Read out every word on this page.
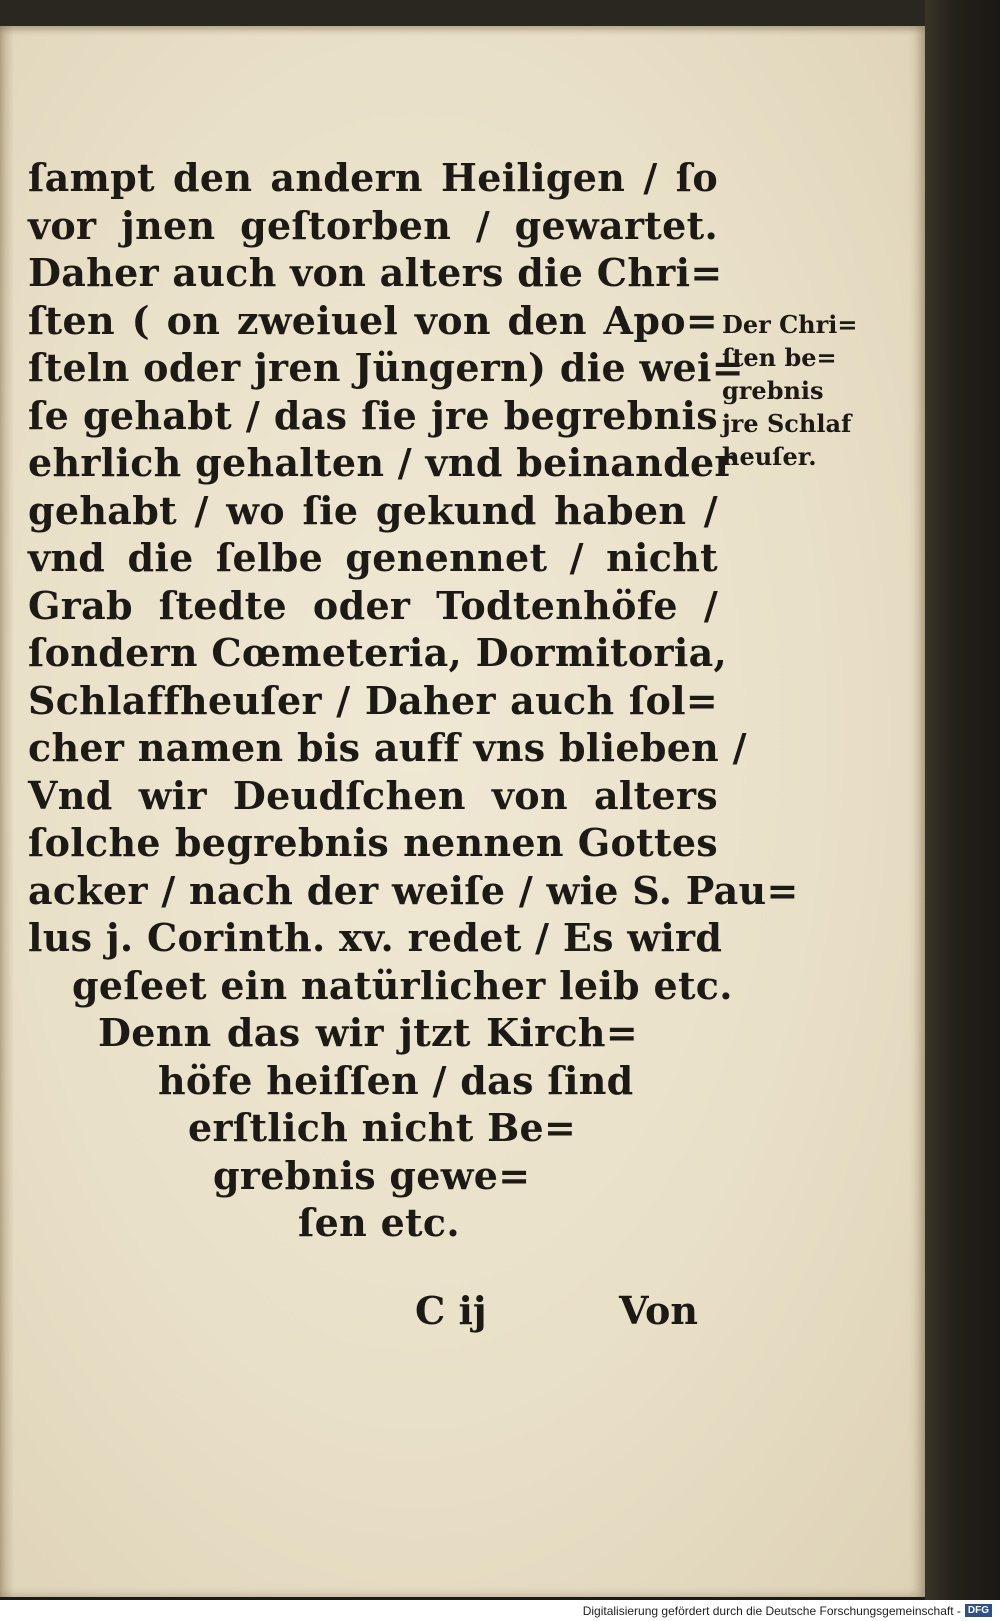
ſampt den andern Heiligen / ſo
vor jnen geſtorben / gewartet.
Daher auch von alters die Chri=
ſten ( on zweiuel von den Apo=
ſteln oder jren Jüngern) die wei=
ſe gehabt / das ſie jre begrebnis
ehrlich gehalten / vnd beinander
gehabt / wo ſie gekund haben /
vnd die ſelbe genennet / nicht
Grab ſtedte oder Todtenhöfe /
ſondern Cœmeteria, Dormitoria,
Schlaffheuſer / Daher auch ſol=
cher namen bis auff vns blieben /
Vnd wir Deudſchen von alters
ſolche begrebnis nennen Gottes
acker / nach der weiſe / wie S. Pau=
lus j. Corinth. xv. redet / Es wird
geſeet ein natürlicher leib etc.
Denn das wir jtzt Kirch=
höfe heiſſen / das ſind
erſtlich nicht Be=
grebnis gewe=
ſen etc.
C ij	Von
Der Chri=
ſten be=
grebnis
jre Schlaf
heuſer.
Digitalisierung gefördert durch die Deutsche Forschungsgemeinschaft - DFG
